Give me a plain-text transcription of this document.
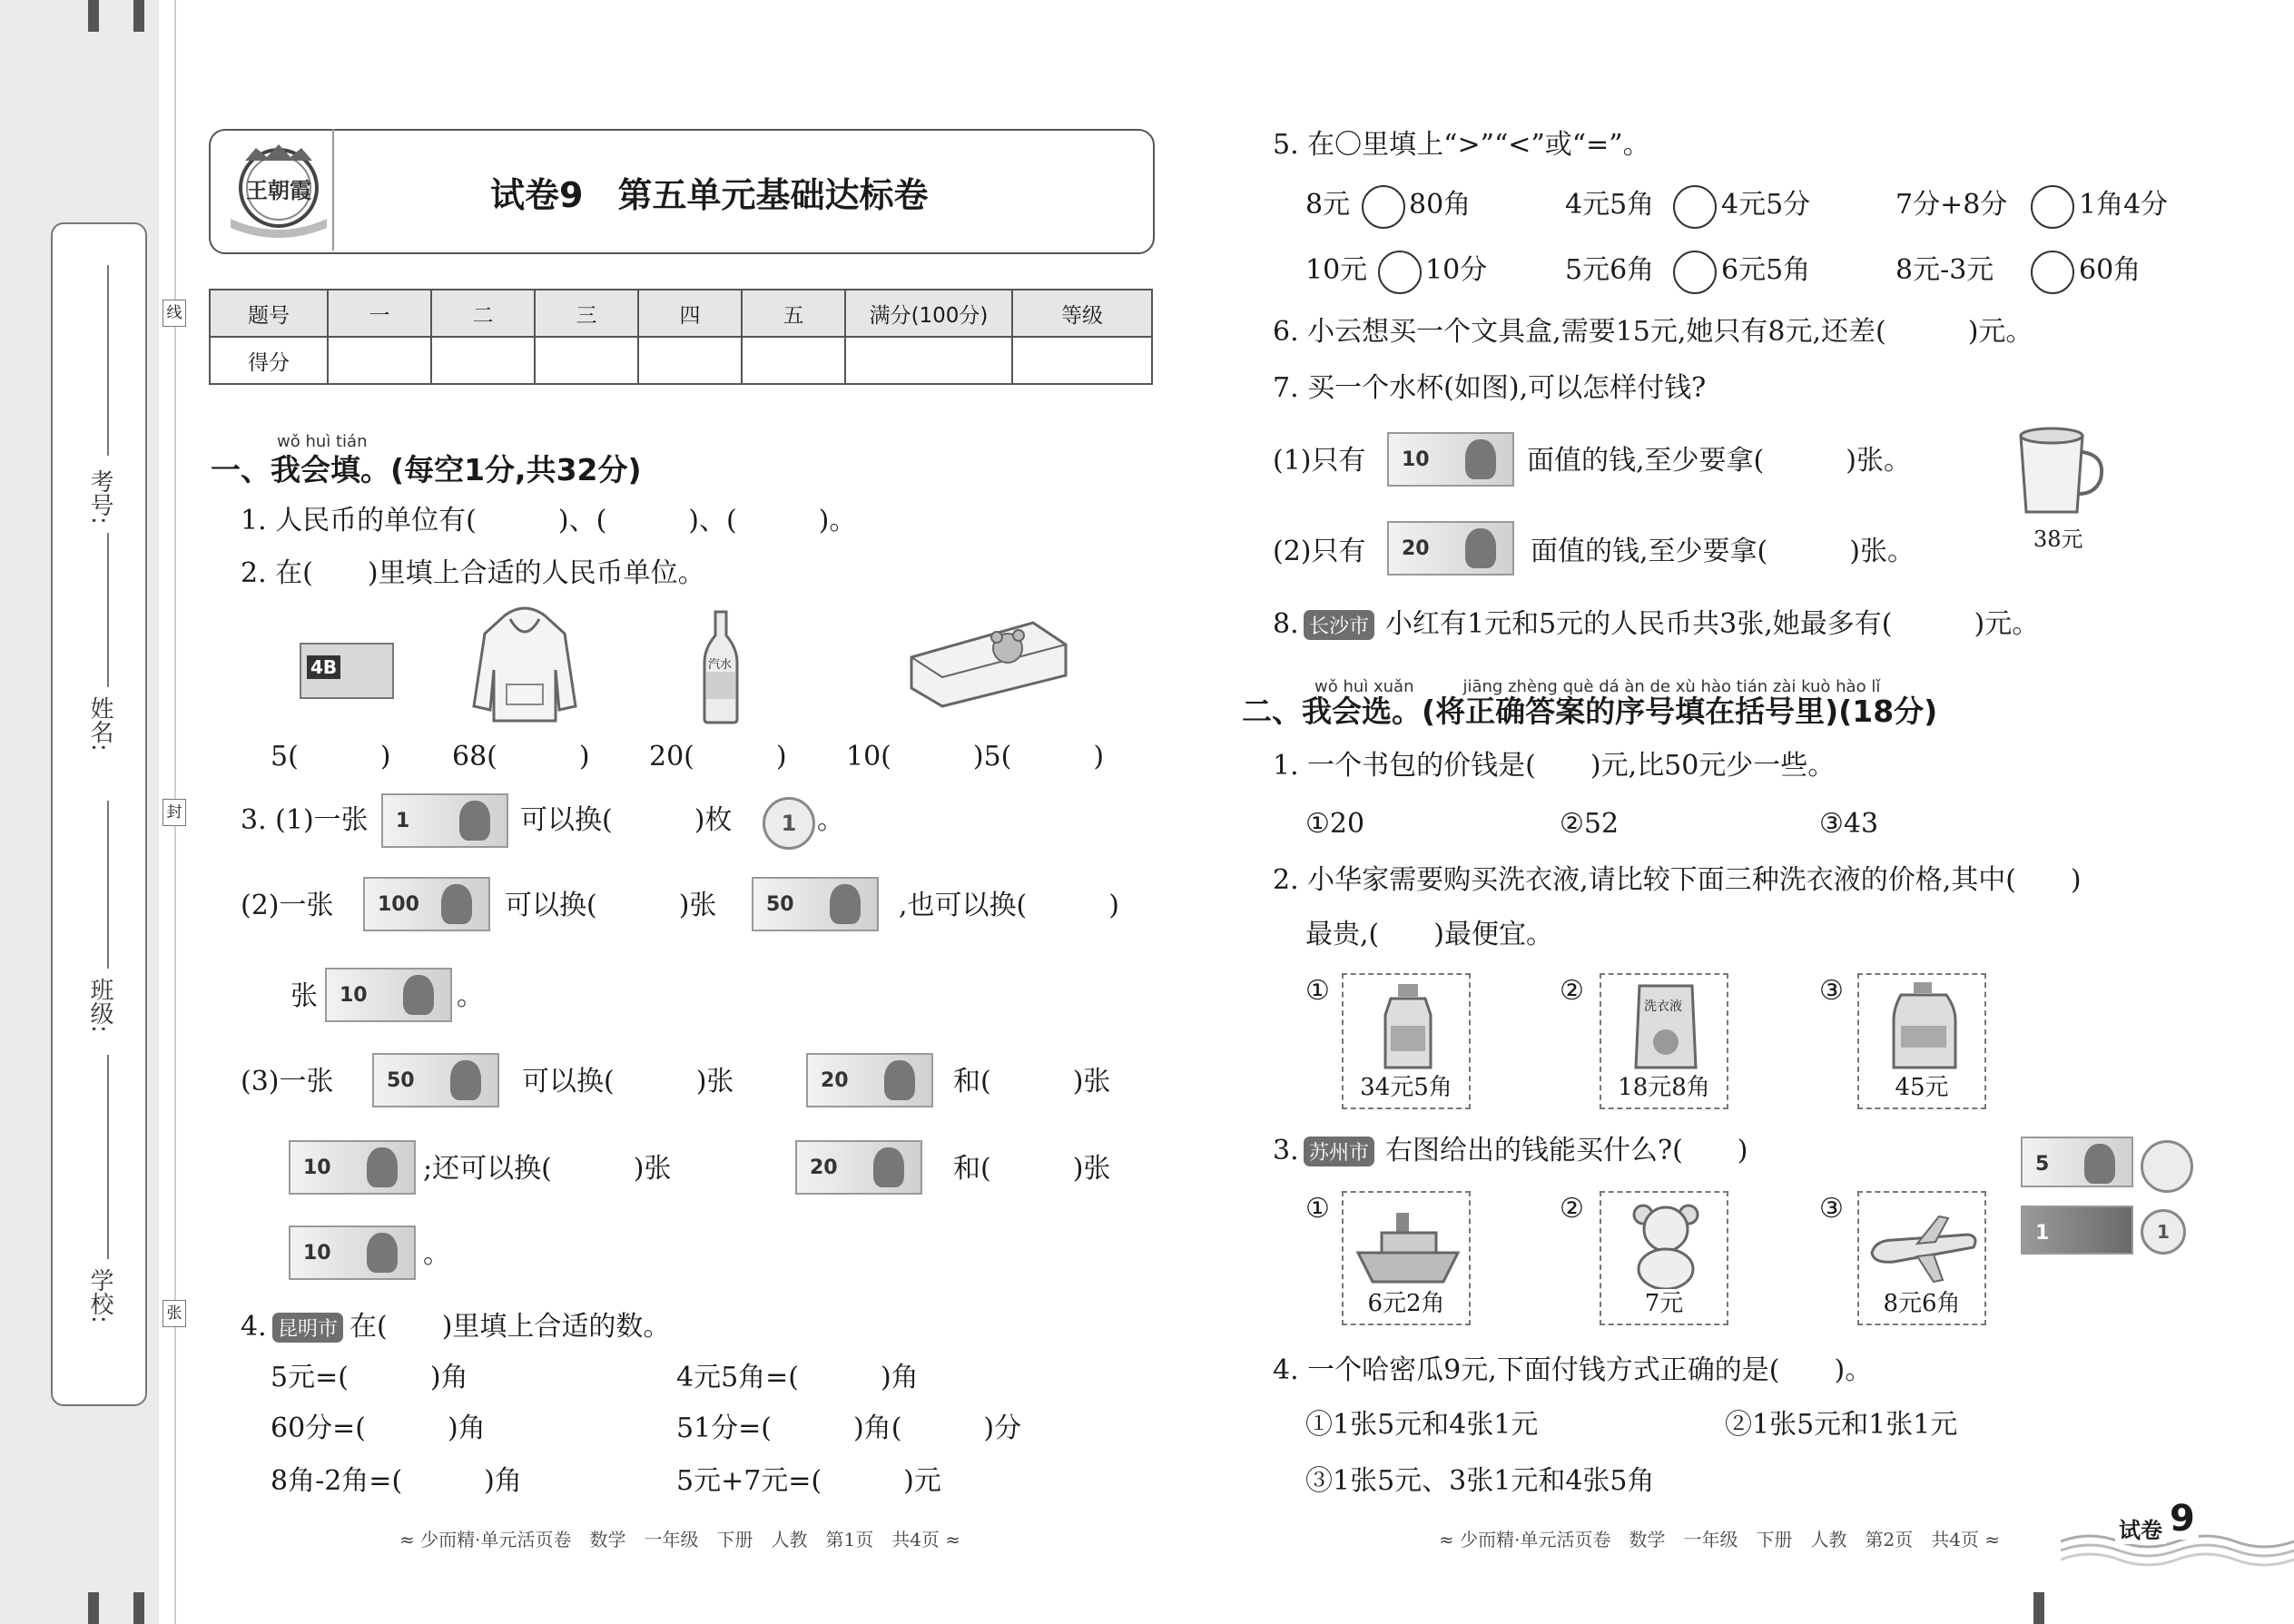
考号:
姓名:
班级:
学校:
线
封
张
王朝霞	试卷9　第五单元基础达标卷
题号	一	二	三	四	五	满分(100分)	等级
得分							
wǒ huì tián
一、我会填。(每空1分,共32分)
1. 人民币的单位有(　　　)、(　　　)、(　　　)。
2. 在(　　)里填上合适的人民币单位。
4B	汽水
5(　　　) 68(　　　) 20(　　　) 10(　　　)5(　　　)
3. (1)一张 1	可以换(　　　)枚	1 。
(2)一张 100	可以换(　　　)张 50	,也可以换(　　　)
张 10	。
(3)一张	50	可以换(　　　)张	20	和(　　　)张
10	;还可以换(　　　)张	20	和(　　　)张
10	。
4. 昆明市 在(　　)里填上合适的数。
5元=(　　　)角	4元5角=(　　　)角
60分=(　　　)角	51分=(　　　)角(　　　)分
8角-2角=(　　　)角	5元+7元=(　　　)元
≈ 少而精·单元活页卷　数学　一年级　下册　人教　第1页　共4页 ≈
5. 在〇里填上“>”“<”或“=”。
8元 80角	4元5角 4元5分	7分+8分	1角4分
10元 10分	5元6角 6元5角	8元-3元	60角
6. 小云想买一个文具盒,需要15元,她只有8元,还差(　　　)元。
7. 买一个水杯(如图),可以怎样付钱?
(1)只有 10	面值的钱,至少要拿(　　　)张。
(2)只有 20	面值的钱,至少要拿(　　　)张。	38元
8. 长沙市 小红有1元和5元的人民币共3张,她最多有(　　　)元。
wǒ huì xuǎn　　　jiāng zhèng què dá àn de xù hào tián zài kuò hào lǐ
二、我会选。(将正确答案的序号填在括号里)(18分)
1. 一个书包的价钱是(　　)元,比50元少一些。
①20	②52	③43
2. 小华家需要购买洗衣液,请比较下面三种洗衣液的价格,其中(　　)
最贵,(　　)最便宜。
①
34元5角
②	洗衣液
18元8角
③
45元
3. 苏州市 右图给出的钱能买什么?(　　)	5
1	1
①
6元2角
②
7元
③
8元6角
4. 一个哈密瓜9元,下面付钱方式正确的是(　　)。
①1张5元和4张1元	②1张5元和1张1元
③1张5元、3张1元和4张5角
≈ 少而精·单元活页卷　数学　一年级　下册　人教　第2页　共4页 ≈	试卷 9
